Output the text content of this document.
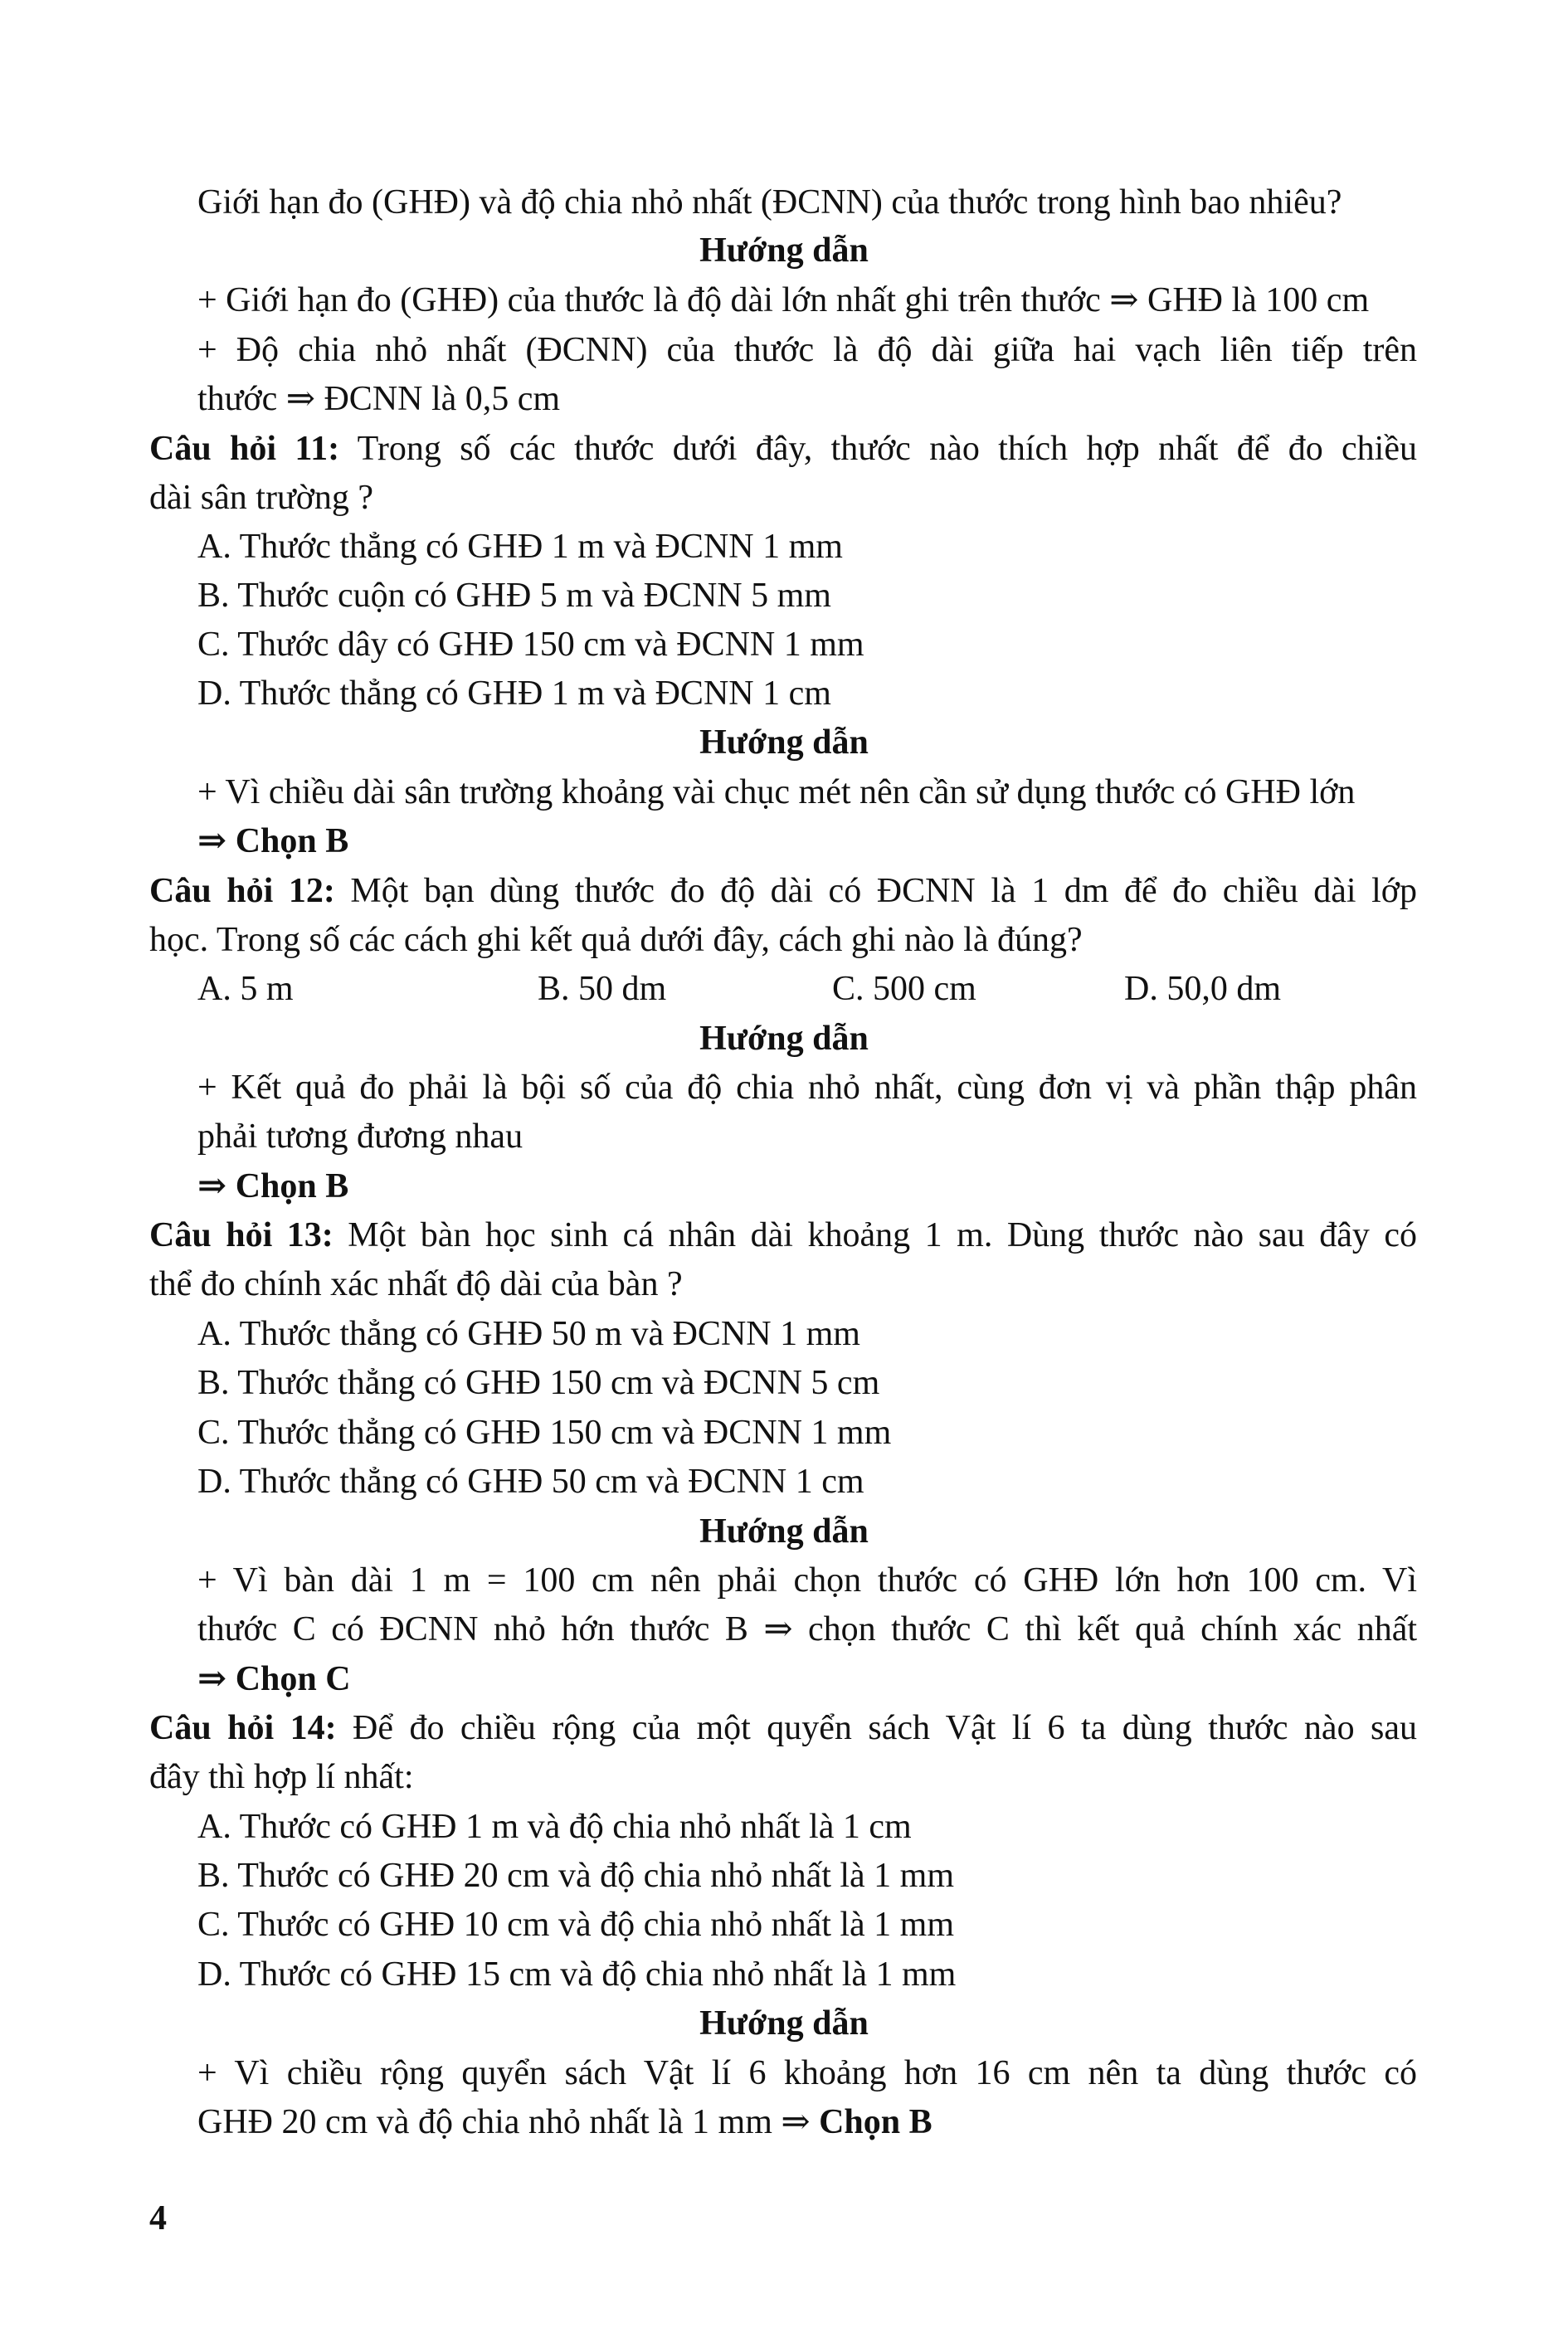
Giới hạn đo (GHĐ) và độ chia nhỏ nhất (ĐCNN) của thước trong hình bao nhiêu?
Hướng dẫn
+ Giới hạn đo (GHĐ) của thước là độ dài lớn nhất ghi trên thước ⇒ GHĐ là 100 cm
+ Độ chia nhỏ nhất (ĐCNN) của thước là độ dài giữa hai vạch liên tiếp trên
thước ⇒ ĐCNN là 0,5 cm
Câu hỏi 11: Trong số các thước dưới đây, thước nào thích hợp nhất để đo chiều
dài sân trường ?
A. Thước thẳng có GHĐ 1 m và ĐCNN 1 mm
B. Thước cuộn có GHĐ 5 m và ĐCNN 5 mm
C. Thước dây có GHĐ 150 cm và ĐCNN 1 mm
D. Thước thẳng có GHĐ 1 m và ĐCNN 1 cm
Hướng dẫn
+ Vì chiều dài sân trường khoảng vài chục mét nên cần sử dụng thước có GHĐ lớn
⇒ Chọn B
Câu hỏi 12: Một bạn dùng thước đo độ dài có ĐCNN là 1 dm để đo chiều dài lớp
học. Trong số các cách ghi kết quả dưới đây, cách ghi nào là đúng?
A. 5 m	B. 50 dm	C. 500 cm	D. 50,0 dm
Hướng dẫn
+ Kết quả đo phải là bội số của độ chia nhỏ nhất, cùng đơn vị và phần thập phân
phải tương đương nhau
⇒ Chọn B
Câu hỏi 13: Một bàn học sinh cá nhân dài khoảng 1 m. Dùng thước nào sau đây có
thể đo chính xác nhất độ dài của bàn ?
A. Thước thẳng có GHĐ 50 m và ĐCNN 1 mm
B. Thước thẳng có GHĐ 150 cm và ĐCNN 5 cm
C. Thước thẳng có GHĐ 150 cm và ĐCNN 1 mm
D. Thước thẳng có GHĐ 50 cm và ĐCNN 1 cm
Hướng dẫn
+ Vì bàn dài 1 m = 100 cm nên phải chọn thước có GHĐ lớn hơn 100 cm. Vì
thước C có ĐCNN nhỏ hớn thước B ⇒ chọn thước C thì kết quả chính xác nhất
⇒ Chọn C
Câu hỏi 14: Để đo chiều rộng của một quyển sách Vật lí 6 ta dùng thước nào sau
đây thì hợp lí nhất:
A. Thước có GHĐ 1 m và độ chia nhỏ nhất là 1 cm
B. Thước có GHĐ 20 cm và độ chia nhỏ nhất là 1 mm
C. Thước có GHĐ 10 cm và độ chia nhỏ nhất là 1 mm
D. Thước có GHĐ 15 cm và độ chia nhỏ nhất là 1 mm
Hướng dẫn
+ Vì chiều rộng quyển sách Vật lí 6 khoảng hơn 16 cm nên ta dùng thước có
GHĐ 20 cm và độ chia nhỏ nhất là 1 mm ⇒ Chọn B
4
